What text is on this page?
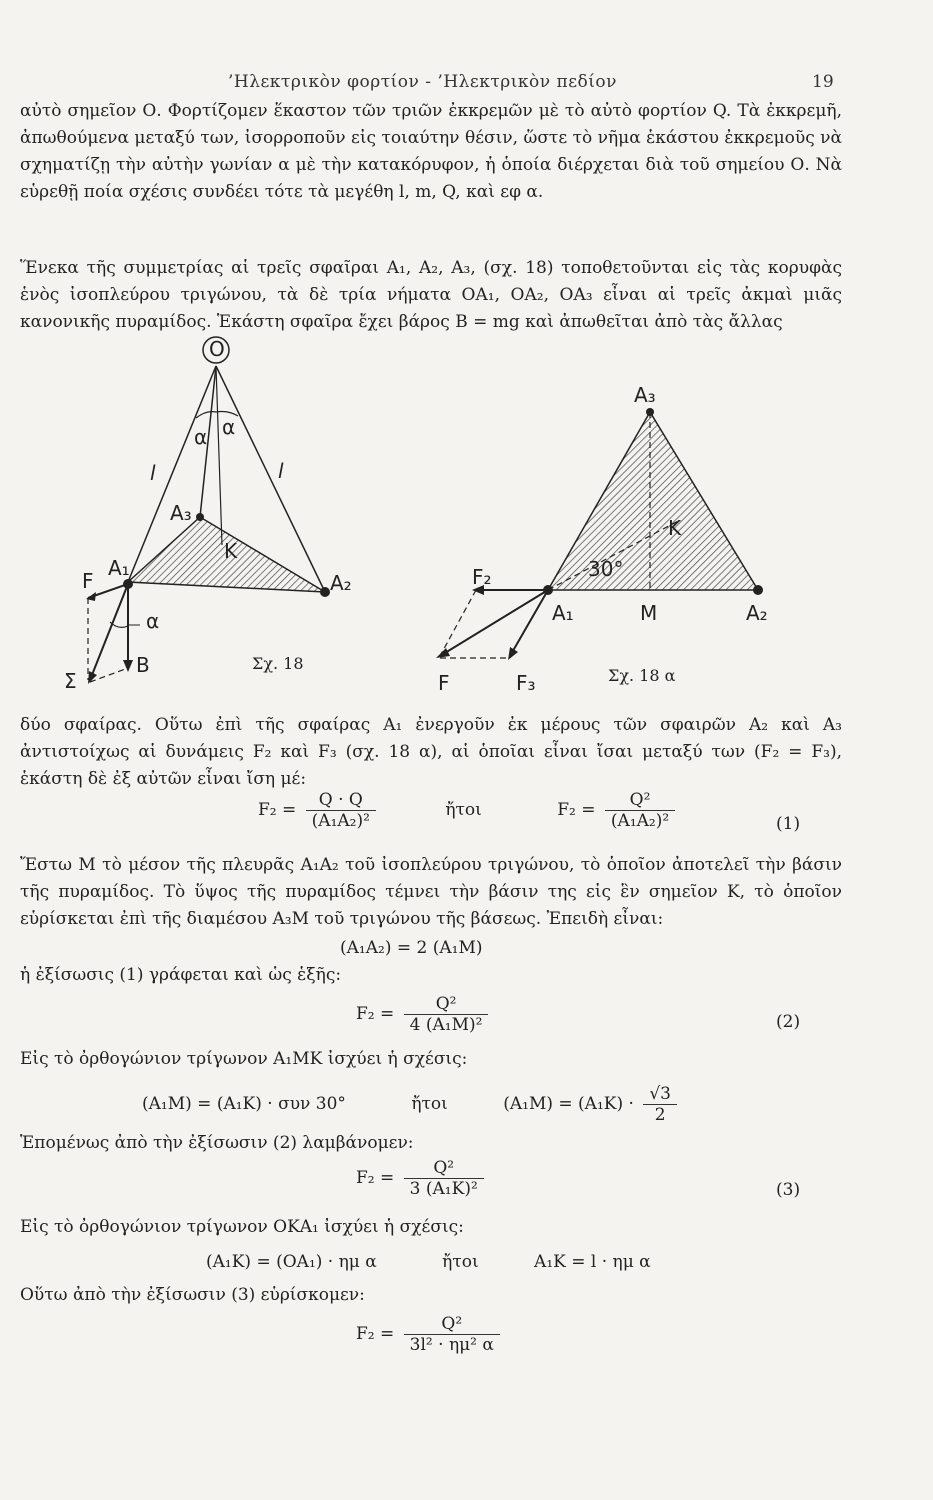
’Ηλεκτρικὸν φορτίον - ’Ηλεκτρικὸν πεδίον	19

αὐτὸ σημεῖον Ο. Φορτίζομεν ἕκαστον τῶν τριῶν ἐκκρεμῶν μὲ τὸ αὐτὸ φορτίον Q. Τὰ ἐκκρεμῆ, ἀπωθούμενα μεταξύ των, ἰσορροποῦν εἰς τοιαύτην θέσιν, ὥστε τὸ νῆμα ἑκάστου ἐκκρεμοῦς νὰ σχηματίζῃ τὴν αὐτὴν γωνίαν α μὲ τὴν κατακόρυφον, ἡ ὁποία διέρχεται διὰ τοῦ σημείου Ο. Νὰ εὑρεθῇ ποία σχέσις συνδέει τότε τὰ μεγέθη l, m, Q, καὶ εφ α.

Ἕνεκα τῆς συμμετρίας αἱ τρεῖς σφαῖραι Α₁, Α₂, Α₃, (σχ. 18) τοποθετοῦνται εἰς τὰς κορυφὰς ἑνὸς ἰσοπλεύρου τριγώνου, τὰ δὲ τρία νήματα ΟΑ₁, ΟΑ₂, ΟΑ₃ εἶναι αἱ τρεῖς ἀκμαὶ μιᾶς κανονικῆς πυραμίδος. Ἑκάστη σφαῖρα ἔχει βάρος Β = mg καὶ ἀπωθεῖται ἀπὸ τὰς ἄλλας

l	l
α α
A₃
A₁
A₂
K
F
α
Σ
B
A₃
K
30°
F₂
A₁	M	A₂
F	F₃
Σχ. 18
Σχ. 18 α

δύο σφαίρας. Οὕτω ἐπὶ τῆς σφαίρας Α₁ ἐνεργοῦν ἐκ μέρους τῶν σφαιρῶν Α₂ καὶ Α₃ ἀντιστοίχως αἱ δυνάμεις F₂ καὶ F₃ (σχ. 18 α), αἱ ὁποῖαι εἶναι ἴσαι μεταξύ των (F₂ = F₃), ἑκάστη δὲ ἐξ αὐτῶν εἶναι ἴση μέ:

$F_2 = \frac{Q \cdot Q}{\text{(Α₁Α₂)²}}$	ἤτοι	$F_2 = \frac{\text{Q²}}{\text{(Α₁Α₂)²}}$	(1)

Ἔστω Μ τὸ μέσον τῆς πλευρᾶς Α₁Α₂ τοῦ ἰσοπλεύρου τριγώνου, τὸ ὁποῖον ἀποτελεῖ τὴν βάσιν τῆς πυραμίδος. Τὸ ὕψος τῆς πυραμίδος τέμνει τὴν βάσιν της εἰς ἓν σημεῖον Κ, τὸ ὁποῖον εὑρίσκεται ἐπὶ τῆς διαμέσου Α₃Μ τοῦ τριγώνου τῆς βάσεως. Ἐπειδὴ εἶναι:

(Α₁Α₂) = 2 (Α₁Μ)

ἡ ἐξίσωσις (1) γράφεται καὶ ὡς ἑξῆς:

$F_2 = \frac{\text{Q²}}{\text{4 (Α₁Μ)²}}$	(2)

Εἰς τὸ ὀρθογώνιον τρίγωνον Α₁ΜΚ ἰσχύει ἡ σχέσις:

(Α₁Μ) = (Α₁Κ) · συν 30°	ἤτοι	$(A_1M) = (A_1K) \cdot \frac{√3}{2}$

Ἑπομένως ἀπὸ τὴν ἐξίσωσιν (2) λαμβάνομεν:

$F_2 = \frac{\text{Q²}}{\text{3 (Α₁Κ)²}}$	(3)

Εἰς τὸ ὀρθογώνιον τρίγωνον ΟΚΑ₁ ἰσχύει ἡ σχέσις:

(Α₁Κ) = (ΟΑ₁) · ημ α	ἤτοι	Α₁Κ = l · ημ α

Οὕτω ἀπὸ τὴν ἐξίσωσιν (3) εὑρίσκομεν:

$F_2 = \frac{\text{Q²}}{\text{3l² · ημ² α}}$
O
